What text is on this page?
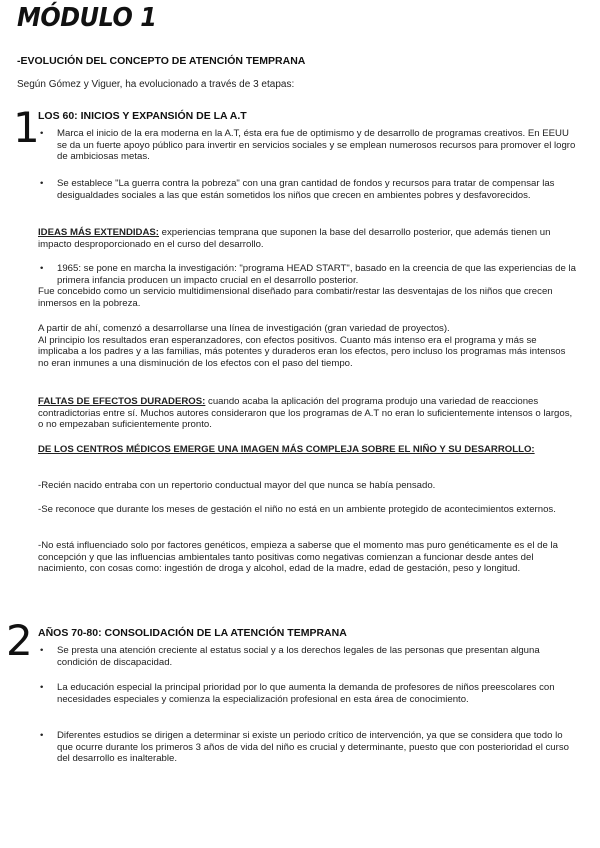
MÓDULO 1
-EVOLUCIÓN DEL CONCEPTO DE ATENCIÓN TEMPRANA
Según Gómez y Viguer, ha evolucionado a través de 3 etapas:
1
LOS 60: INICIOS Y EXPANSIÓN DE LA A.T
• Marca el inicio de la era moderna en la A.T, ésta era fue de optimismo y de desarrollo de programas creativos. En EEUU se da un fuerte apoyo público para invertir en servicios sociales y se emplean numerosos recursos para promover el logro de ambiciosas metas.
• Se establece "La guerra contra la pobreza" con una gran cantidad de fondos y recursos para tratar de compensar las desigualdades sociales a las que están sometidos los niños que crecen en ambientes pobres y desfavorecidos.

IDEAS MÁS EXTENDIDAS: experiencias temprana que suponen la base del desarrollo posterior, que además tienen un impacto desproporcionado en el curso del desarrollo.

• 1965: se pone en marcha la investigación: "programa HEAD START", basado en la creencia de que las experiencias de la primera infancia producen un impacto crucial en el desarrollo posterior.

Fue concebido como un servicio multidimensional diseñado para combatir/restar las desventajas de los niños que crecen inmersos en la pobreza.

A partir de ahí, comenzó a desarrollarse una línea de investigación (gran variedad de proyectos).

Al principio los resultados eran esperanzadores, con efectos positivos. Cuanto más intenso era el programa y más se implicaba a los padres y a las familias, más potentes y duraderos eran los efectos, pero incluso los programas más intensos no eran inmunes a una disminución de los efectos con el paso del tiempo.

FALTAS DE EFECTOS DURADEROS: cuando acaba la aplicación del programa produjo una variedad de reacciones contradictorias entre sí. Muchos autores consideraron que los programas de A.T no eran lo suficientemente intensos o largos, o no empezaban suficientemente pronto.

DE LOS CENTROS MÉDICOS EMERGE UNA IMAGEN MÁS COMPLEJA SOBRE EL NIÑO Y SU DESARROLLO:
-Recién nacido entraba con un repertorio conductual mayor del que nunca se había pensado.
-Se reconoce que durante los meses de gestación el niño no está en un ambiente protegido de acontecimientos externos.
-No está influenciado solo por factores genéticos, empieza a saberse que el momento mas puro genéticamente es el de la concepción y que las influencias ambientales tanto positivas como negativas comienzan a funcionar desde antes del nacimiento, con cosas como: ingestión de droga y alcohol, edad de la madre, edad de gestación, peso y longitud.
2 AÑOS 70-80: CONSOLIDACIÓN DE LA ATENCIÓN TEMPRANA
• Se presta una atención creciente al estatus social y a los derechos legales de las personas que presentan alguna condición de discapacidad.
• La educación especial la principal prioridad por lo que aumenta la demanda de profesores de niños preescolares con necesidades especiales y comienza la especialización profesional en esta área de conocimiento.
• Diferentes estudios se dirigen a determinar si existe un periodo crítico de intervención, ya que se considera que todo lo que ocurre durante los primeros 3 años de vida del niño es crucial y determinante, puesto que con posterioridad el curso del desarrollo es inalterable.
